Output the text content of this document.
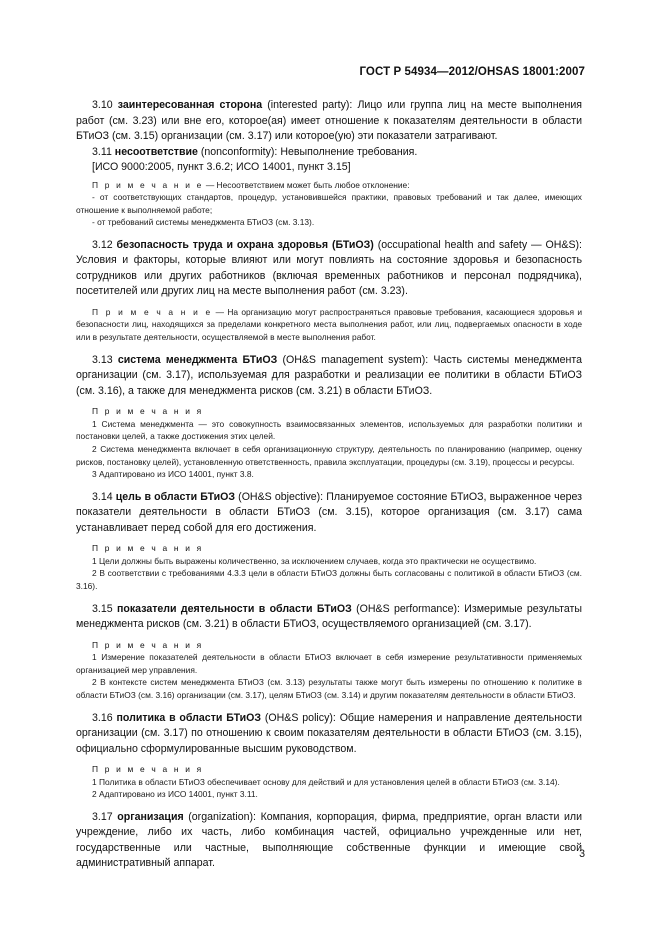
ГОСТ Р 54934—2012/OHSAS 18001:2007

3.10 заинтересованная сторона (interested party): Лицо или группа лиц на месте выполнения работ (см. 3.23) или вне его, которое(ая) имеет отношение к показателям деятельности в области БТиОЗ (см. 3.15) организации (см. 3.17) или которое(ую) эти показатели затрагивают.

3.11 несоответствие (nonconformity): Невыполнение требования.

[ИСО 9000:2005, пункт 3.6.2; ИСО 14001, пункт 3.15]

П р и м е ч а н и е — Несоответствием может быть любое отклонение:

- от соответствующих стандартов, процедур, установившейся практики, правовых требований и так далее, имеющих отношение к выполняемой работе;

- от требований системы менеджмента БТиОЗ (см. 3.13).

3.12 безопасность труда и охрана здоровья (БТиОЗ) (occupational health and safety — OH&S): Условия и факторы, которые влияют или могут повлиять на состояние здоровья и безопасность сотрудников или других работников (включая временных работников и персонал подрядчика), посетителей или других лиц на месте выполнения работ (см. 3.23).

П р и м е ч а н и е — На организацию могут распространяться правовые требования, касающиеся здоровья и безопасности лиц, находящихся за пределами конкретного места выполнения работ, или лиц, подвергаемых опасности в ходе или в результате деятельности, осуществляемой в месте выполнения работ.

3.13 система менеджмента БТиОЗ (OH&S management system): Часть системы менеджмента организации (см. 3.17), используемая для разработки и реализации ее политики в области БТиОЗ (см. 3.16), а также для менеджмента рисков (см. 3.21) в области БТиОЗ.

П р и м е ч а н и я

1 Система менеджмента — это совокупность взаимосвязанных элементов, используемых для разработки политики и постановки целей, а также достижения этих целей.

2 Система менеджмента включает в себя организационную структуру, деятельность по планированию (например, оценку рисков, постановку целей), установленную ответственность, правила эксплуатации, процедуры (см. 3.19), процессы и ресурсы.

3 Адаптировано из ИСО 14001, пункт 3.8.

3.14 цель в области БТиОЗ (OH&S objective): Планируемое состояние БТиОЗ, выраженное через показатели деятельности в области БТиОЗ (см. 3.15), которое организация (см. 3.17) сама устанавливает перед собой для его достижения.

П р и м е ч а н и я

1 Цели должны быть выражены количественно, за исключением случаев, когда это практически не осуществимо.

2 В соответствии с требованиями 4.3.3 цели в области БТиОЗ должны быть согласованы с политикой в области БТиОЗ (см. 3.16).

3.15 показатели деятельности в области БТиОЗ (OH&S performance): Измеримые результаты менеджмента рисков (см. 3.21) в области БТиОЗ, осуществляемого организацией (см. 3.17).

П р и м е ч а н и я

1 Измерение показателей деятельности в области БТиОЗ включает в себя измерение результативности применяемых организацией мер управления.

2 В контексте систем менеджмента БТиОЗ (см. 3.13) результаты также могут быть измерены по отношению к политике в области БТиОЗ (см. 3.16) организации (см. 3.17), целям БТиОЗ (см. 3.14) и другим показателям деятельности в области БТиОЗ.

3.16 политика в области БТиОЗ (OH&S policy): Общие намерения и направление деятельности организации (см. 3.17) по отношению к своим показателям деятельности в области БТиОЗ (см. 3.15), официально сформулированные высшим руководством.

П р и м е ч а н и я

1 Политика в области БТиОЗ обеспечивает основу для действий и для установления целей в области БТиОЗ (см. 3.14).

2 Адаптировано из ИСО 14001, пункт 3.11.

3.17 организация (organization): Компания, корпорация, фирма, предприятие, орган власти или учреждение, либо их часть, либо комбинация частей, официально учрежденные или нет, государственные или частные, выполняющие собственные функции и имеющие свой административный аппарат.

3
